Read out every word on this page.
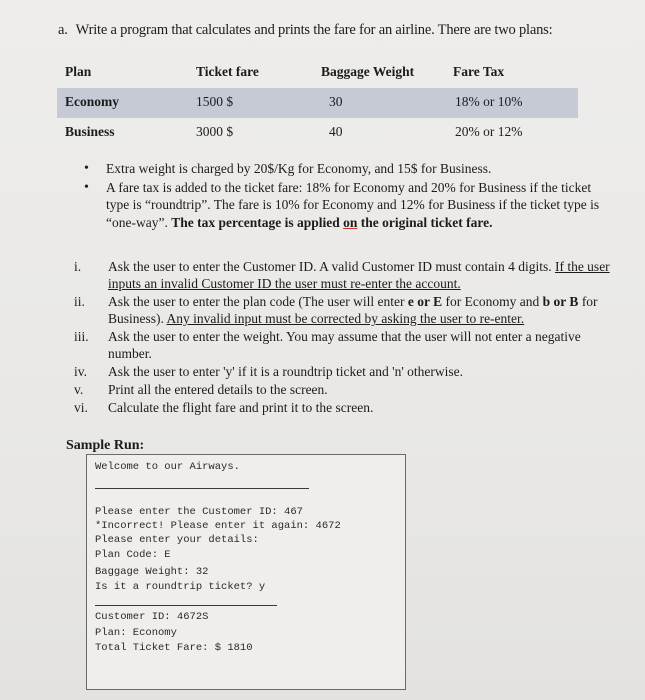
a. Write a program that calculates and prints the fare for an airline. There are two plans:
Plan	Ticket fare	Baggage Weight	Fare Tax
Economy	1500 $	30	18% or 10%
Business	3000 $	40	20% or 12%
• Extra weight is charged by 20$/Kg for Economy, and 15$ for Business.
• A fare tax is added to the ticket fare: 18% for Economy and 20% for Business if the ticket type is “roundtrip”. The fare is 10% for Economy and 12% for Business if the ticket type is “one-way”. The tax percentage is applied on the original ticket fare.
i.	Ask the user to enter the Customer ID. A valid Customer ID must contain 4 digits. If the user inputs an invalid Customer ID the user must re-enter the account.
ii.	Ask the user to enter the plan code (The user will enter e or E for Economy and b or B for Business). Any invalid input must be corrected by asking the user to re-enter.
iii.	Ask the user to enter the weight. You may assume that the user will not enter a negative number.
iv.	Ask the user to enter 'y' if it is a roundtrip ticket and 'n' otherwise.
v.	Print all the entered details to the screen.
vi.	Calculate the flight fare and print it to the screen.
Sample Run:
Welcome to our Airways.
Please enter the Customer ID: 467
*Incorrect! Please enter it again: 4672
Please enter your details:
Plan Code: E
Baggage Weight: 32
Is it a roundtrip ticket? y
Customer ID: 4672S
Plan: Economy
Total Ticket Fare: $ 1810
